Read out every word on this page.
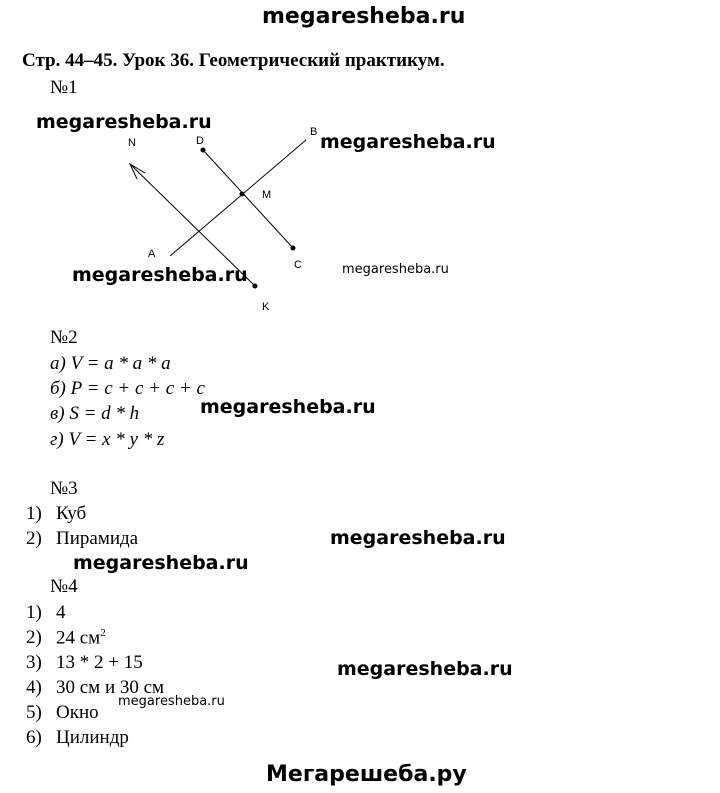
megaresheba.ru
Стр. 44–45. Урок 36. Геометрический практикум.
№1
megaresheba.ru
megaresheba.ru
megaresheba.ru	megaresheba.ru
N	D
B
M
A
C
K
№2
а) V = a * a * a
б) P = c + c + c + c
в) S = d * h
г) V = x * y * z
megaresheba.ru
№3
1) Куб
2) Пирамида	megaresheba.ru
megaresheba.ru
№4
1) 4
2) 24 $см^2$
3) 13 * 2 + 15
4) 30 см и 30 см
5) Окно
6) Цилиндр
megaresheba.ru
megaresheba.ru
Мегарешеба.ру
